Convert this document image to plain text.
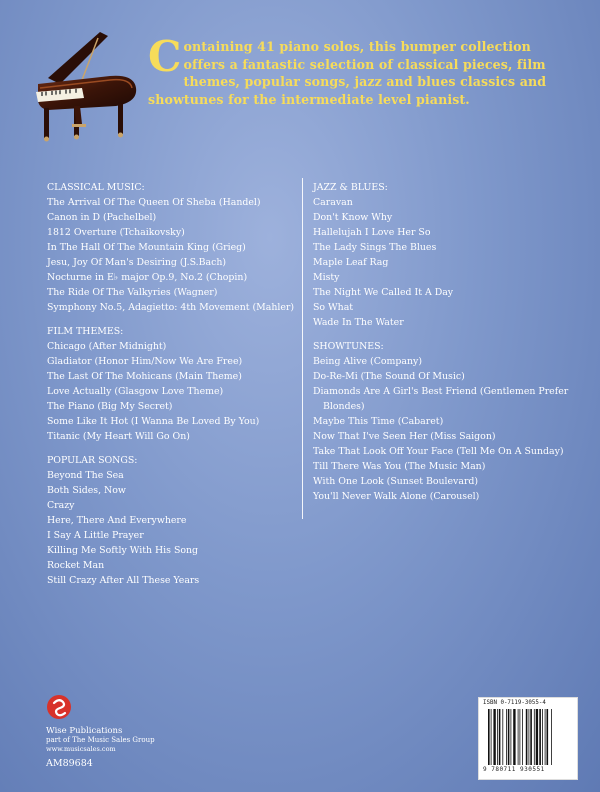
Containing 41 piano solos, this bumper collection offers a fantastic selection of classical pieces, film themes, popular songs, jazz and blues classics and showtunes for the intermediate level pianist.
CLASSICAL MUSIC:
The Arrival Of The Queen Of Sheba (Handel)
Canon in D (Pachelbel)
1812 Overture (Tchaikovsky)
In The Hall Of The Mountain King (Grieg)
Jesu, Joy Of Man's Desiring (J.S.Bach)
Nocturne in E♭ major Op.9, No.2 (Chopin)
The Ride Of The Valkyries (Wagner)
Symphony No.5, Adagietto: 4th Movement (Mahler)
FILM THEMES:
Chicago (After Midnight)
Gladiator (Honor Him/Now We Are Free)
The Last Of The Mohicans (Main Theme)
Love Actually (Glasgow Love Theme)
The Piano (Big My Secret)
Some Like It Hot (I Wanna Be Loved By You)
Titanic (My Heart Will Go On)
POPULAR SONGS:
Beyond The Sea
Both Sides, Now
Crazy
Here, There And Everywhere
I Say A Little Prayer
Killing Me Softly With His Song
Rocket Man
Still Crazy After All These Years
JAZZ & BLUES:
Caravan
Don't Know Why
Hallelujah I Love Her So
The Lady Sings The Blues
Maple Leaf Rag
Misty
The Night We Called It A Day
So What
Wade In The Water
SHOWTUNES:
Being Alive (Company)
Do-Re-Mi (The Sound Of Music)
Diamonds Are A Girl's Best Friend (Gentlemen Prefer Blondes)
Maybe This Time (Cabaret)
Now That I've Seen Her (Miss Saigon)
Take That Look Off Your Face (Tell Me On A Sunday)
Till There Was You (The Music Man)
With One Look (Sunset Boulevard)
You'll Never Walk Alone (Carousel)
Wise Publications
part of The Music Sales Group
www.musicsales.com
AM89684
ISBN 0-7119-3055-4
9 780711 930551
